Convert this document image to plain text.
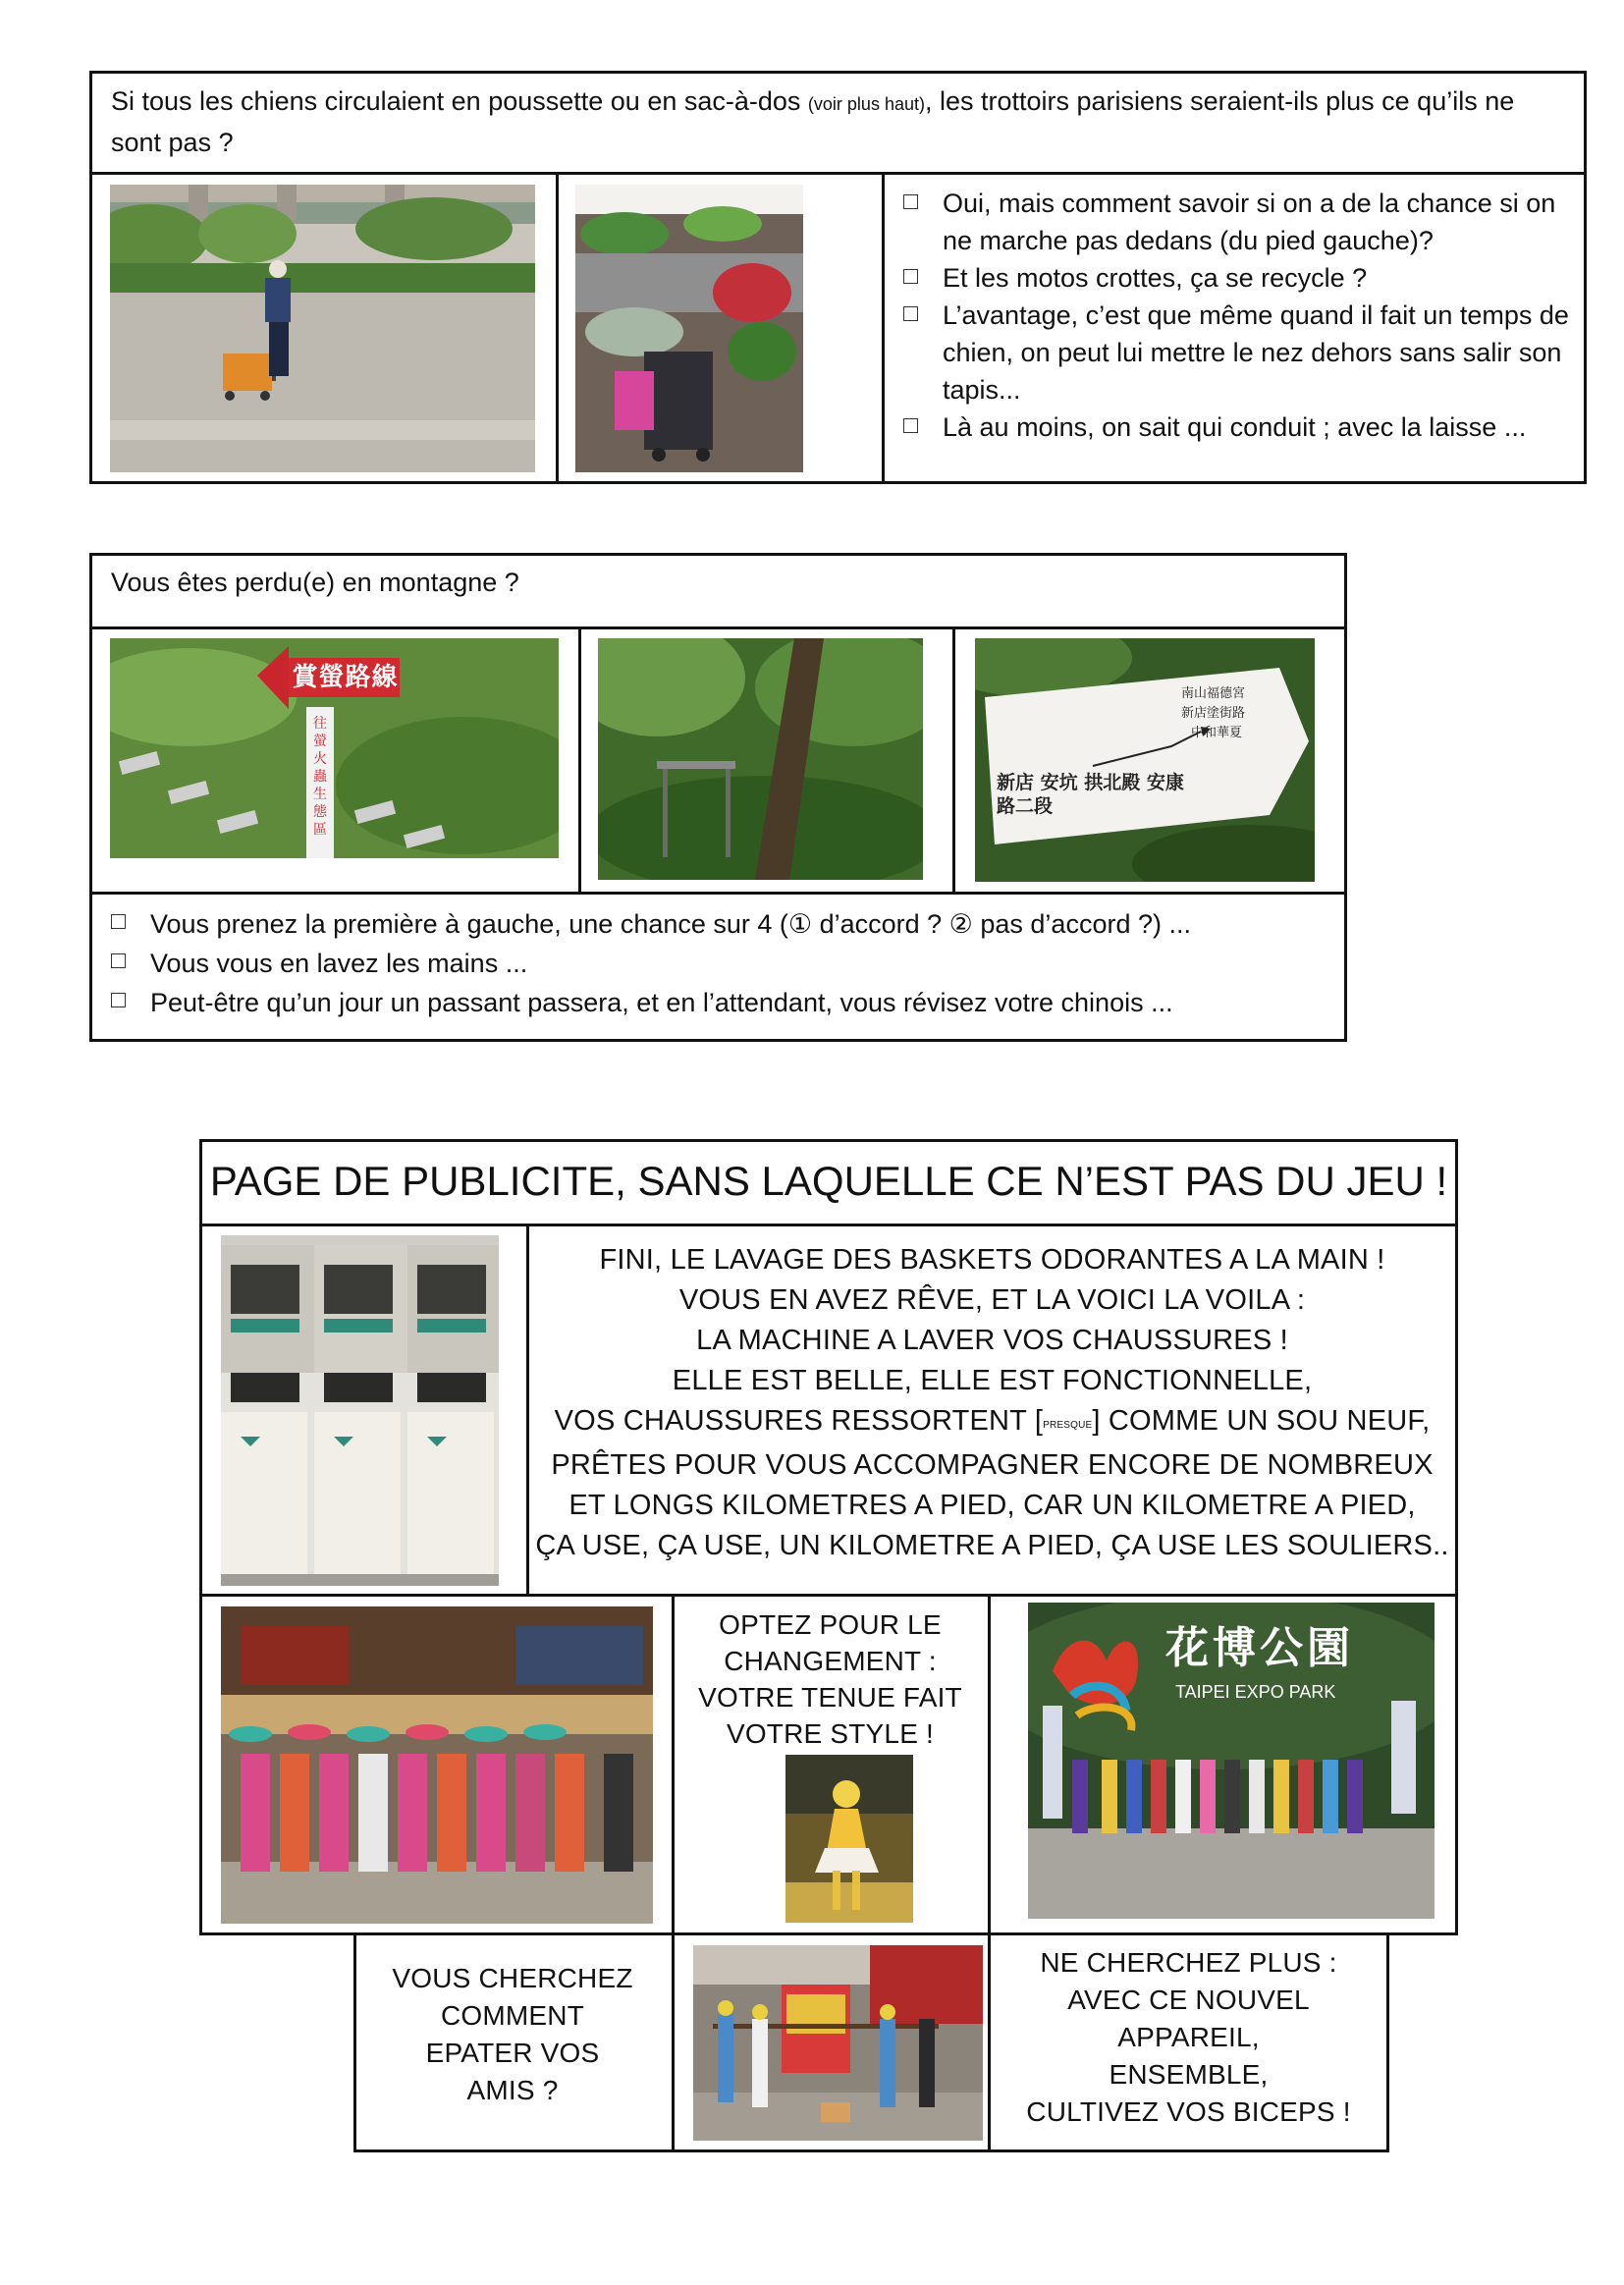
Si tous les chiens circulaient en poussette ou en sac-à-dos (voir plus haut), les trottoirs parisiens seraient-ils plus ce qu’ils ne sont pas ?
Oui, mais comment savoir si on a de la chance si on ne marche pas dedans (du pied gauche)?
Et les motos crottes, ça se recycle ?
L’avantage, c’est que même quand il fait un temps de chien, on peut lui mettre le nez dehors sans salir son tapis...
Là au moins, on sait qui conduit ; avec la laisse ...
Vous êtes perdu(e) en montagne ?
賞螢路線
往螢火蟲生態區
南山福德宮
新店塗街路
中和華夏
新店 安坑 拱北殿 安康路二段
Vous prenez la première à gauche, une chance sur 4 (① d’accord ? ② pas d’accord ?) ...
Vous vous en lavez les mains ...
Peut-être qu’un jour un passant passera, et en l’attendant, vous révisez votre chinois ...
PAGE DE PUBLICITE, SANS LAQUELLE CE N’EST PAS DU JEU !
FINI, LE LAVAGE DES BASKETS ODORANTES A LA MAIN !
VOUS EN AVEZ RÊVE, ET LA VOICI LA VOILA :
LA MACHINE A LAVER VOS CHAUSSURES !
ELLE EST BELLE, ELLE EST FONCTIONNELLE,
VOS CHAUSSURES RESSORTENT [PRESQUE] COMME UN SOU NEUF,
PRÊTES POUR VOUS ACCOMPAGNER ENCORE DE NOMBREUX
ET LONGS KILOMETRES A PIED, CAR UN KILOMETRE A PIED,
ÇA USE, ÇA USE, UN KILOMETRE A PIED, ÇA USE LES SOULIERS..
OPTEZ POUR LE
CHANGEMENT :
VOTRE TENUE FAIT
VOTRE STYLE !
花博公園
TAIPEI EXPO PARK
VOUS CHERCHEZ
COMMENT
EPATER VOS
AMIS ?
NE CHERCHEZ PLUS :
AVEC CE NOUVEL
APPAREIL,
ENSEMBLE,
CULTIVEZ VOS BICEPS !
